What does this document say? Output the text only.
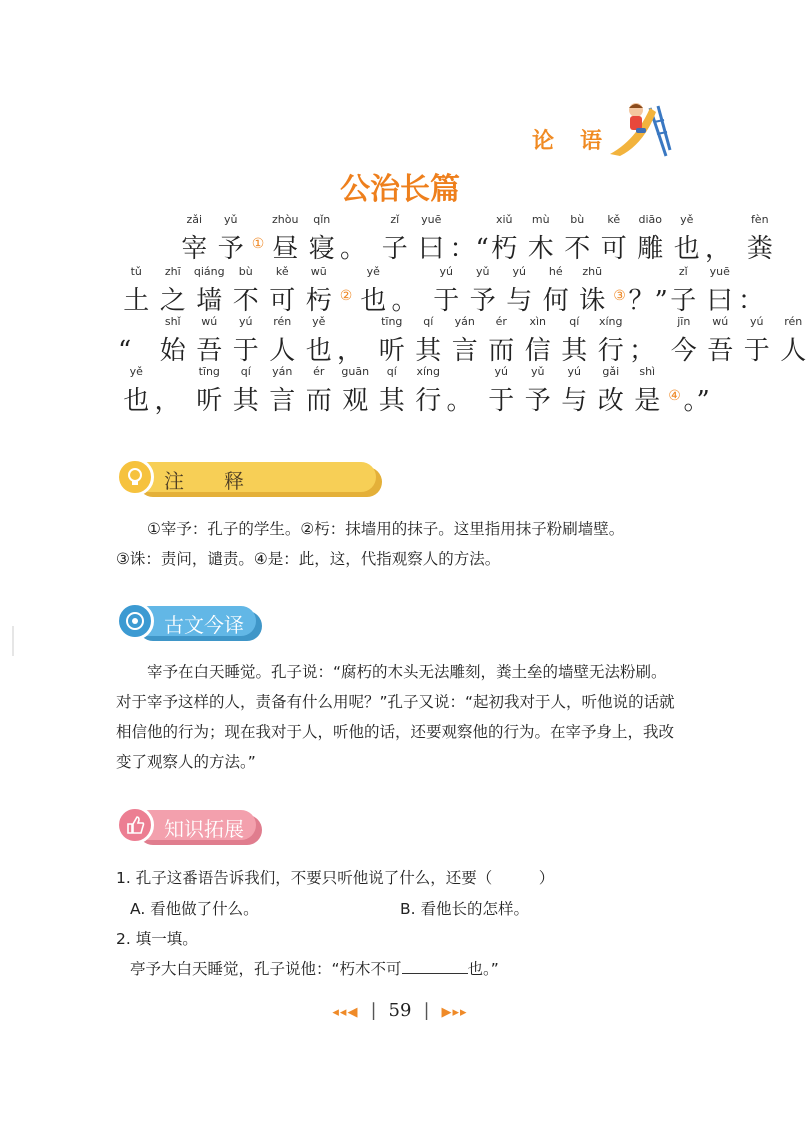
论语
公治长篇
zǎi
宰
yǔ
予 ①
zhòu
昼
qǐn
寝 。
zǐ
子
yuē
曰 ：“
xiǔ
朽
mù
木
bù
不
kě
可
diāo
雕
yě
也 ，
fèn
粪
tǔ
土
zhī
之
qiáng
墙
bù
不
kě
可
wū
杇 ②
yě
也 。
yú
于
yǔ
予
yú
与
hé
何
zhū
诛 ③ ？”
zǐ
子
yuē
曰 ：
“
shǐ
始
wú
吾
yú
于
rén
人
yě
也 ，
tīng
听
qí
其
yán
言
ér
而
xìn
信
qí
其
xíng
行 ；
jīn
今
wú
吾
yú
于
rén
人
yě
也 ，
tīng
听
qí
其
yán
言
ér
而
guān
观
qí
其
xíng
行 。
yú
于
yǔ
予
yú
与
gǎi
改
shì
是 ④ 。”
注　　释

①宰予：孔子的学生。②杇：抹墙用的抹子。这里指用抹子粉刷墙壁。

③诛：责问，谴责。④是：此，这，代指观察人的方法。

古文今译
宰予在白天睡觉。孔子说：“腐朽的木头无法雕刻，粪土垒的墙壁无法粉刷。对于宰予这样的人，责备有什么用呢？”孔子又说：“起初我对于人，听他说的话就相信他的行为；现在我对于人，听他的话，还要观察他的行为。在宰予身上，我改变了观察人的方法。”
知识拓展
1. 孔子这番语告诉我们，不要只听他说了什么，还要（　　　）
A. 看他做了什么。	B. 看他长的怎样。
2. 填一填。
亭予大白天睡觉，孔子说他：“朽木不可	也。”
◂◂◀ | 59 | ▶▸▸
